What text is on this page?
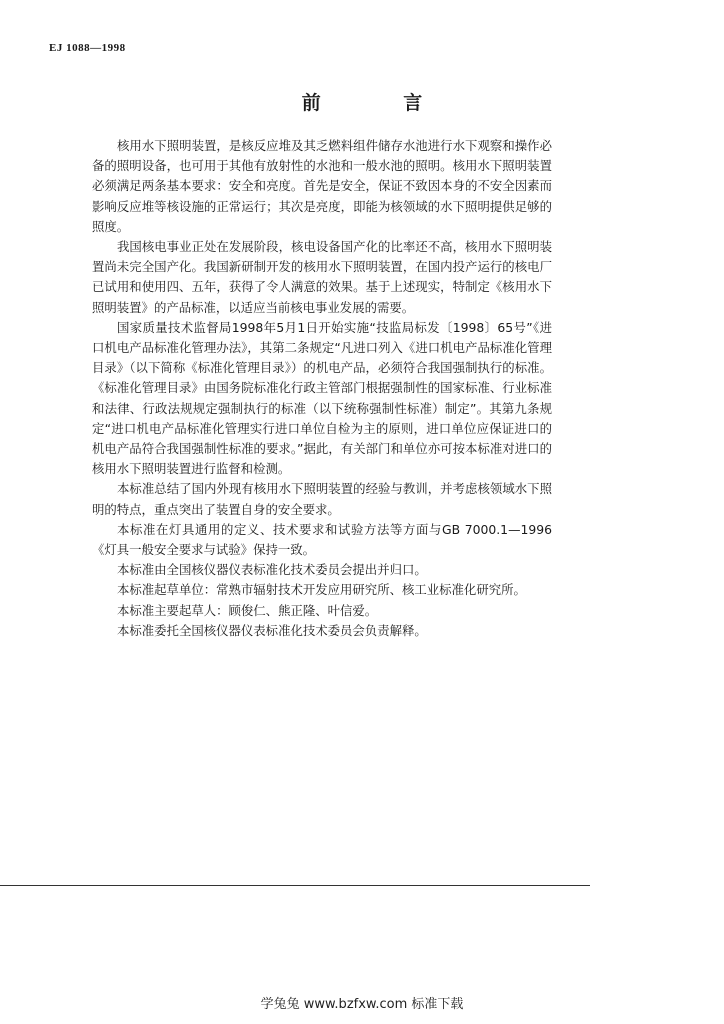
EJ 1088—1998
前 言

核用水下照明装置，是核反应堆及其乏燃料组件储存水池进行水下观察和操作必备的照明设备，也可用于其他有放射性的水池和一般水池的照明。核用水下照明装置必须满足两条基本要求：安全和亮度。首先是安全，保证不致因本身的不安全因素而影响反应堆等核设施的正常运行；其次是亮度，即能为核领域的水下照明提供足够的照度。

我国核电事业正处在发展阶段，核电设备国产化的比率还不高，核用水下照明装置尚未完全国产化。我国新研制开发的核用水下照明装置，在国内投产运行的核电厂已试用和使用四、五年，获得了令人满意的效果。基于上述现实，特制定《核用水下照明装置》的产品标准，以适应当前核电事业发展的需要。

国家质量技术监督局1998年5月1日开始实施“技监局标发〔1998〕65号”《进口机电产品标准化管理办法》，其第二条规定“凡进口列入《进口机电产品标准化管理目录》（以下简称《标准化管理目录》）的机电产品，必须符合我国强制执行的标准。《标准化管理目录》由国务院标准化行政主管部门根据强制性的国家标准、行业标准和法律、行政法规规定强制执行的标准（以下统称强制性标准）制定”。其第九条规定“进口机电产品标准化管理实行进口单位自检为主的原则，进口单位应保证进口的机电产品符合我国强制性标准的要求。”据此，有关部门和单位亦可按本标准对进口的核用水下照明装置进行监督和检测。

本标准总结了国内外现有核用水下照明装置的经验与教训，并考虑核领域水下照明的特点，重点突出了装置自身的安全要求。

本标准在灯具通用的定义、技术要求和试验方法等方面与GB 7000.1—1996《灯具一般安全要求与试验》保持一致。

本标准由全国核仪器仪表标准化技术委员会提出并归口。

本标准起草单位：常熟市辐射技术开发应用研究所、核工业标准化研究所。

本标准主要起草人：顾俊仁、熊正隆、叶信爱。

本标准委托全国核仪器仪表标准化技术委员会负责解释。

学兔兔 www.bzfxw.com 标准下载
